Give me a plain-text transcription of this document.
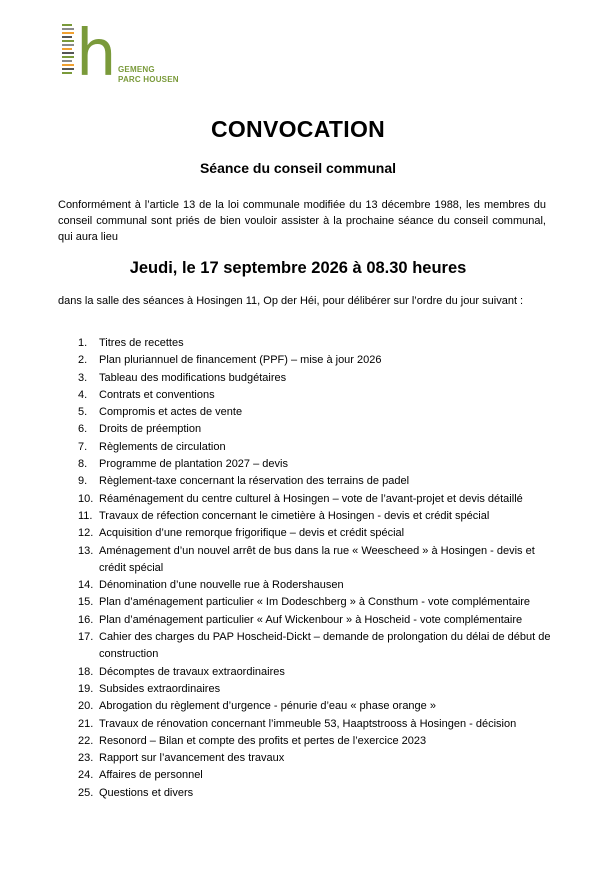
h GEMENG
PARC HOUSEN
CONVOCATION
Séance du conseil communal
Conformément à l’article 13 de la loi communale modifiée du 13 décembre 1988, les membres du conseil communal sont priés de bien vouloir assister à la prochaine séance du conseil communal, qui aura lieu
Jeudi, le 17 septembre 2026 à 08.30 heures
dans la salle des séances à Hosingen 11, Op der Héi, pour délibérer sur l’ordre du jour suivant :
1.	Titres de recettes
2.	Plan pluriannuel de financement (PPF) – mise à jour 2026
3.	Tableau des modifications budgétaires
4.	Contrats et conventions
5.	Compromis et actes de vente
6.	Droits de préemption
7.	Règlements de circulation
8.	Programme de plantation 2027 – devis
9.	Règlement-taxe concernant la réservation des terrains de padel
10. Réaménagement du centre culturel à Hosingen – vote de l’avant-projet et devis détaillé
11. Travaux de réfection concernant le cimetière à Hosingen - devis et crédit spécial
12. Acquisition d’une remorque frigorifique – devis et crédit spécial
13. Aménagement d’un nouvel arrêt de bus dans la rue « Weescheed » à Hosingen - devis et crédit spécial
14. Dénomination d’une nouvelle rue à Rodershausen
15. Plan d’aménagement particulier « Im Dodeschberg » à Consthum - vote complémentaire
16. Plan d’aménagement particulier « Auf Wickenbour » à Hoscheid - vote complémentaire
17. Cahier des charges du PAP Hoscheid-Dickt – demande de prolongation du délai de début de construction
18. Décomptes de travaux extraordinaires
19. Subsides extraordinaires
20. Abrogation du règlement d’urgence - pénurie d’eau « phase orange »
21. Travaux de rénovation concernant l’immeuble 53, Haaptstrooss à Hosingen - décision
22. Resonord – Bilan et compte des profits et pertes de l’exercice 2023
23. Rapport sur l’avancement des travaux
24. Affaires de personnel
25. Questions et divers
